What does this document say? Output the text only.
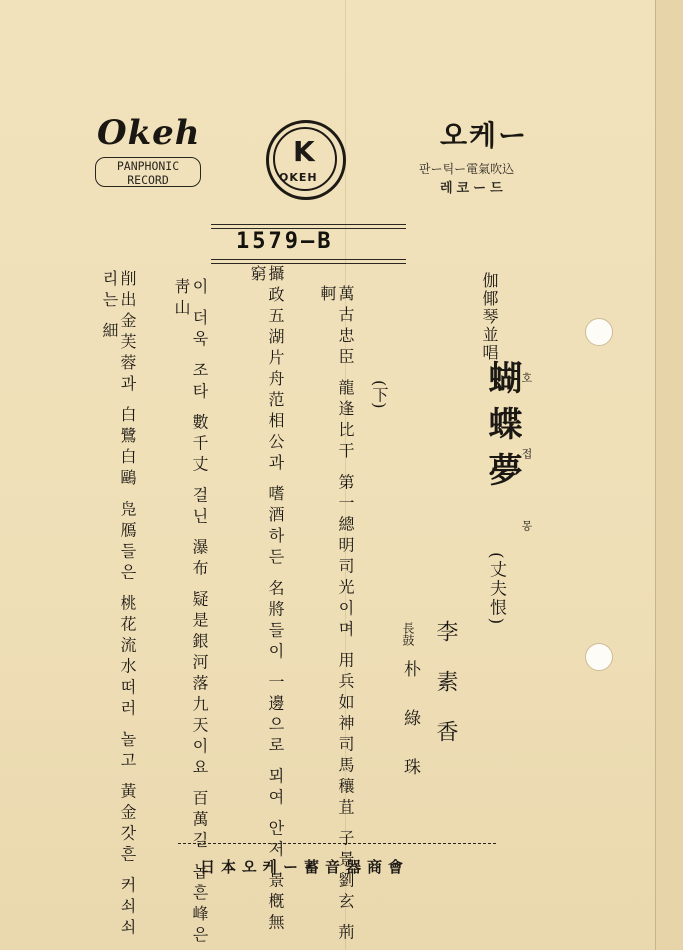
Okeh
PANPHONIC
RECORD
K
OKEH
오케ー
판ー틱ー電氣吹込
레코ー드
1579—B
伽倻琴並唱
蝴蝶夢
호
접
몽
(丈夫恨)
(下)
李素香
長鼓
朴綠珠
萬古忠臣 龍逢比干 第一總明司光이며 用兵如神司馬穰苴 子景劉玄 荊軻
攝政五湖片舟范相公과 嗜酒하든 名將들이 一邊으로 뫼여 안저 景槪無窮
이 더욱 조타 數千丈 걸닌 瀑布 疑是銀河落九天이요 百萬길 놉흔峰은 靑山
削出金芙蓉과 白鷺白鷗 凫鴈들은 桃花流水떠러 놀고 黃金갓흔 커쇠쇠리는 細
日本오케ー蓄音器商會
